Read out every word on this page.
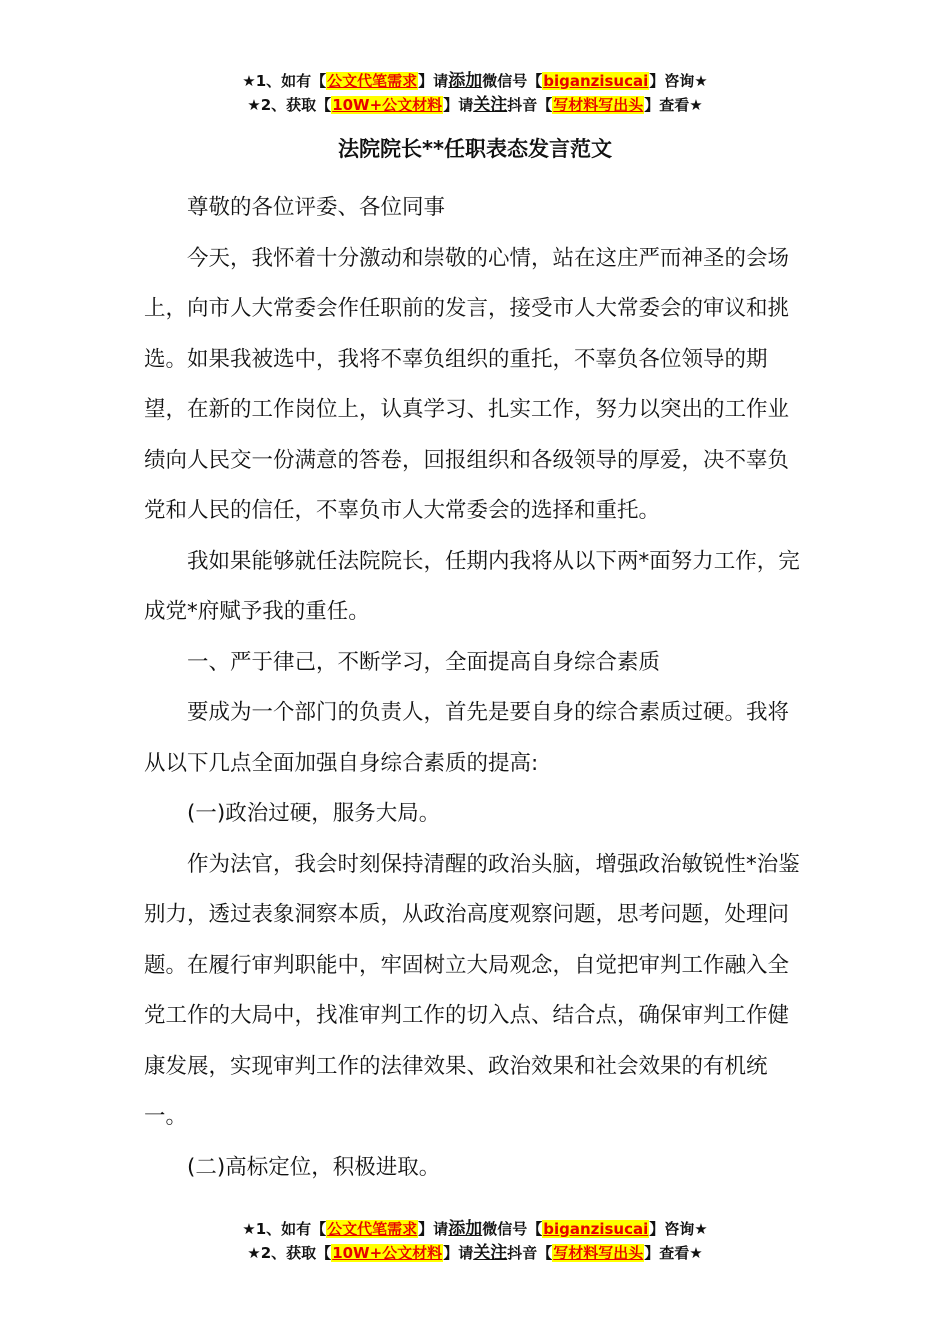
★1、如有【公文代笔需求】请添加微信号【biganzisucai】咨询★
★2、获取【10W+公文材料】请关注抖音【写材料写出头】查看★
法院院长**任职表态发言范文

尊敬的各位评委、各位同事

今天，我怀着十分激动和崇敬的心情，站在这庄严而神圣的会场上，向市人大常委会作任职前的发言，接受市人大常委会的审议和挑选。如果我被选中，我将不辜负组织的重托，不辜负各位领导的期望，在新的工作岗位上，认真学习、扎实工作，努力以突出的工作业绩向人民交一份满意的答卷，回报组织和各级领导的厚爱，决不辜负党和人民的信任，不辜负市人大常委会的选择和重托。

我如果能够就任法院院长，任期内我将从以下两*面努力工作，完成党*府赋予我的重任。

一、严于律己，不断学习，全面提高自身综合素质

要成为一个部门的负责人，首先是要自身的综合素质过硬。我将从以下几点全面加强自身综合素质的提高:

(一)政治过硬，服务大局。

作为法官，我会时刻保持清醒的政治头脑，增强政治敏锐性*治鉴别力，透过表象洞察本质，从政治高度观察问题，思考问题，处理问题。在履行审判职能中，牢固树立大局观念，自觉把审判工作融入全党工作的大局中，找准审判工作的切入点、结合点，确保审判工作健康发展，实现审判工作的法律效果、政治效果和社会效果的有机统一。

(二)高标定位，积极进取。

★1、如有【公文代笔需求】请添加微信号【biganzisucai】咨询★
★2、获取【10W+公文材料】请关注抖音【写材料写出头】查看★
